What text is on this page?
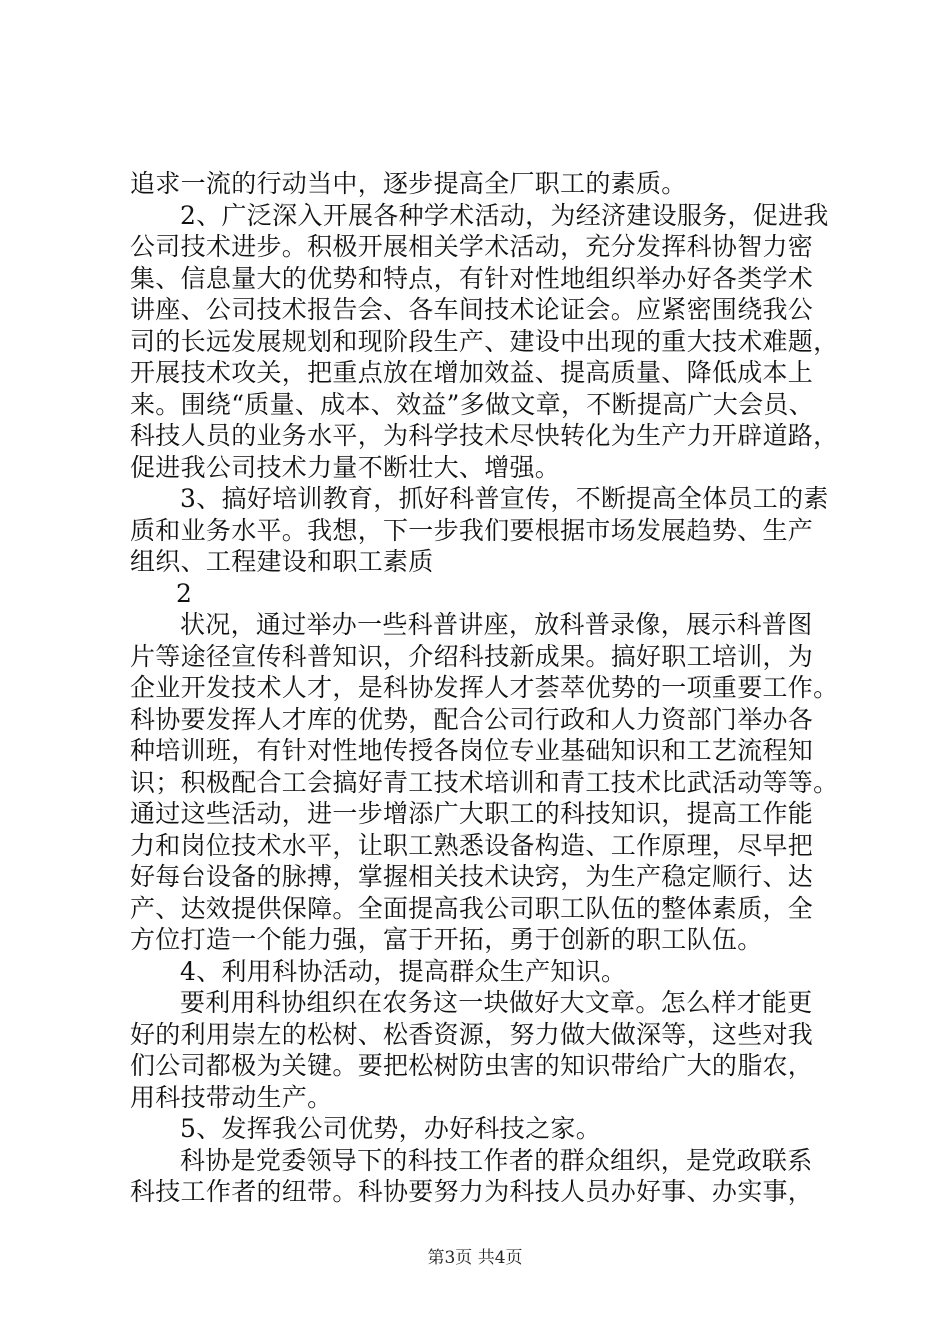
追求一流的行动当中，逐步提高全厂职工的素质。
2、广泛深入开展各种学术活动，为经济建设服务，促进我
公司技术进步。积极开展相关学术活动，充分发挥科协智力密
集、信息量大的优势和特点，有针对性地组织举办好各类学术
讲座、公司技术报告会、各车间技术论证会。应紧密围绕我公
司的长远发展规划和现阶段生产、建设中出现的重大技术难题，
开展技术攻关，把重点放在增加效益、提高质量、降低成本上
来。围绕“质量、成本、效益”多做文章，不断提高广大会员、
科技人员的业务水平，为科学技术尽快转化为生产力开辟道路，
促进我公司技术力量不断壮大、增强。
3、搞好培训教育，抓好科普宣传，不断提高全体员工的素
质和业务水平。我想，下一步我们要根据市场发展趋势、生产
组织、工程建设和职工素质
2
状况，通过举办一些科普讲座，放科普录像，展示科普图
片等途径宣传科普知识，介绍科技新成果。搞好职工培训，为
企业开发技术人才，是科协发挥人才荟萃优势的一项重要工作。
科协要发挥人才库的优势，配合公司行政和人力资部门举办各
种培训班，有针对性地传授各岗位专业基础知识和工艺流程知
识；积极配合工会搞好青工技术培训和青工技术比武活动等等。
通过这些活动，进一步增添广大职工的科技知识，提高工作能
力和岗位技术水平，让职工熟悉设备构造、工作原理，尽早把
好每台设备的脉搏，掌握相关技术诀窍，为生产稳定顺行、达
产、达效提供保障。全面提高我公司职工队伍的整体素质，全
方位打造一个能力强，富于开拓，勇于创新的职工队伍。
4、利用科协活动，提高群众生产知识。
要利用科协组织在农务这一块做好大文章。怎么样才能更
好的利用崇左的松树、松香资源，努力做大做深等，这些对我
们公司都极为关键。要把松树防虫害的知识带给广大的脂农，
用科技带动生产。
5、发挥我公司优势，办好科技之家。
科协是党委领导下的科技工作者的群众组织，是党政联系
科技工作者的纽带。科协要努力为科技人员办好事、办实事，
第3页 共4页
